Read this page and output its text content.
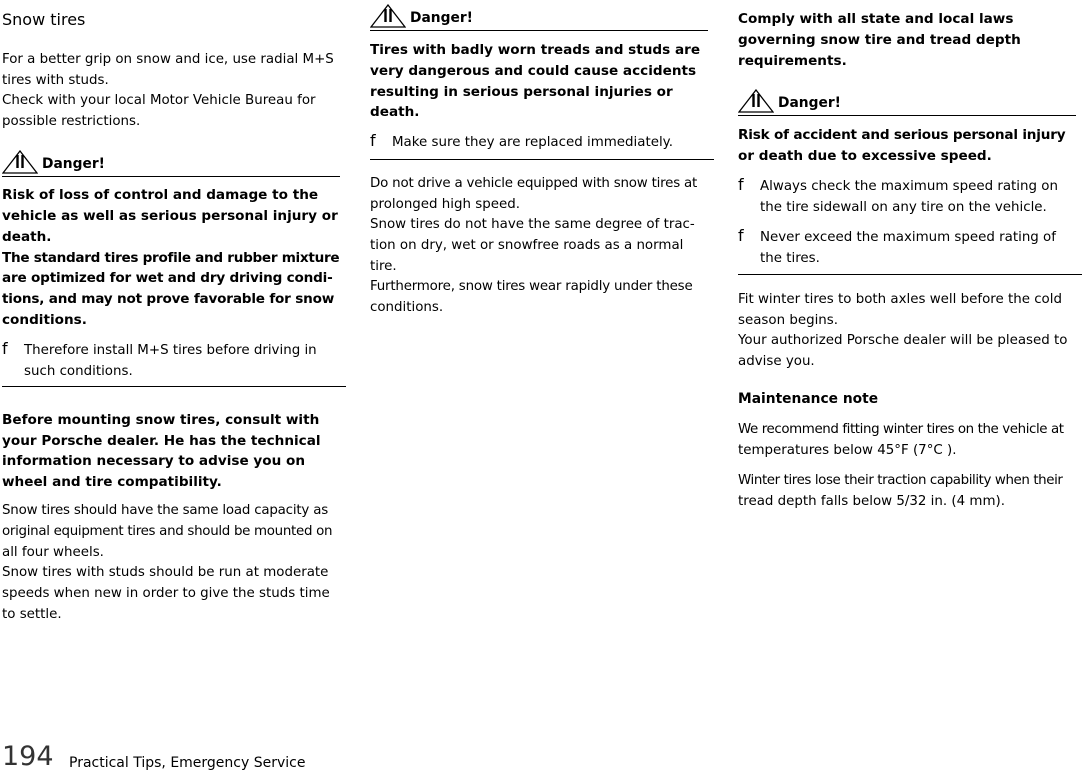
Snow tires
For a better grip on snow and ice, use radial M+S
tires with studs.
Check with your local Motor Vehicle Bureau for
possible restrictions.
Danger!
Risk of loss of control and damage to the
vehicle as well as serious personal injury or
death.
The standard tires profile and rubber mixture
are optimized for wet and dry driving condi-
tions, and may not prove favorable for snow
conditions.
f Therefore install M+S tires before driving in
such conditions.
Before mounting snow tires, consult with
your Porsche dealer. He has the technical
information necessary to advise you on
wheel and tire compatibility.
Snow tires should have the same load capacity as
original equipment tires and should be mounted on
all four wheels.
Snow tires with studs should be run at moderate
speeds when new in order to give the studs time
to settle.
Danger!
Tires with badly worn treads and studs are
very dangerous and could cause accidents
resulting in serious personal injuries or
death.
f Make sure they are replaced immediately.
Do not drive a vehicle equipped with snow tires at
prolonged high speed.
Snow tires do not have the same degree of trac-
tion on dry, wet or snowfree roads as a normal
tire.
Furthermore, snow tires wear rapidly under these
conditions.
Comply with all state and local laws
governing snow tire and tread depth
requirements.
Danger!
Risk of accident and serious personal injury
or death due to excessive speed.
f Always check the maximum speed rating on
the tire sidewall on any tire on the vehicle.
f Never exceed the maximum speed rating of
the tires.
Fit winter tires to both axles well before the cold
season begins.
Your authorized Porsche dealer will be pleased to
advise you.
Maintenance note
We recommend fitting winter tires on the vehicle at
temperatures below 45°F (7°C ).
Winter tires lose their traction capability when their
tread depth falls below 5/32 in. (4 mm).
194 Practical Tips, Emergency Service
